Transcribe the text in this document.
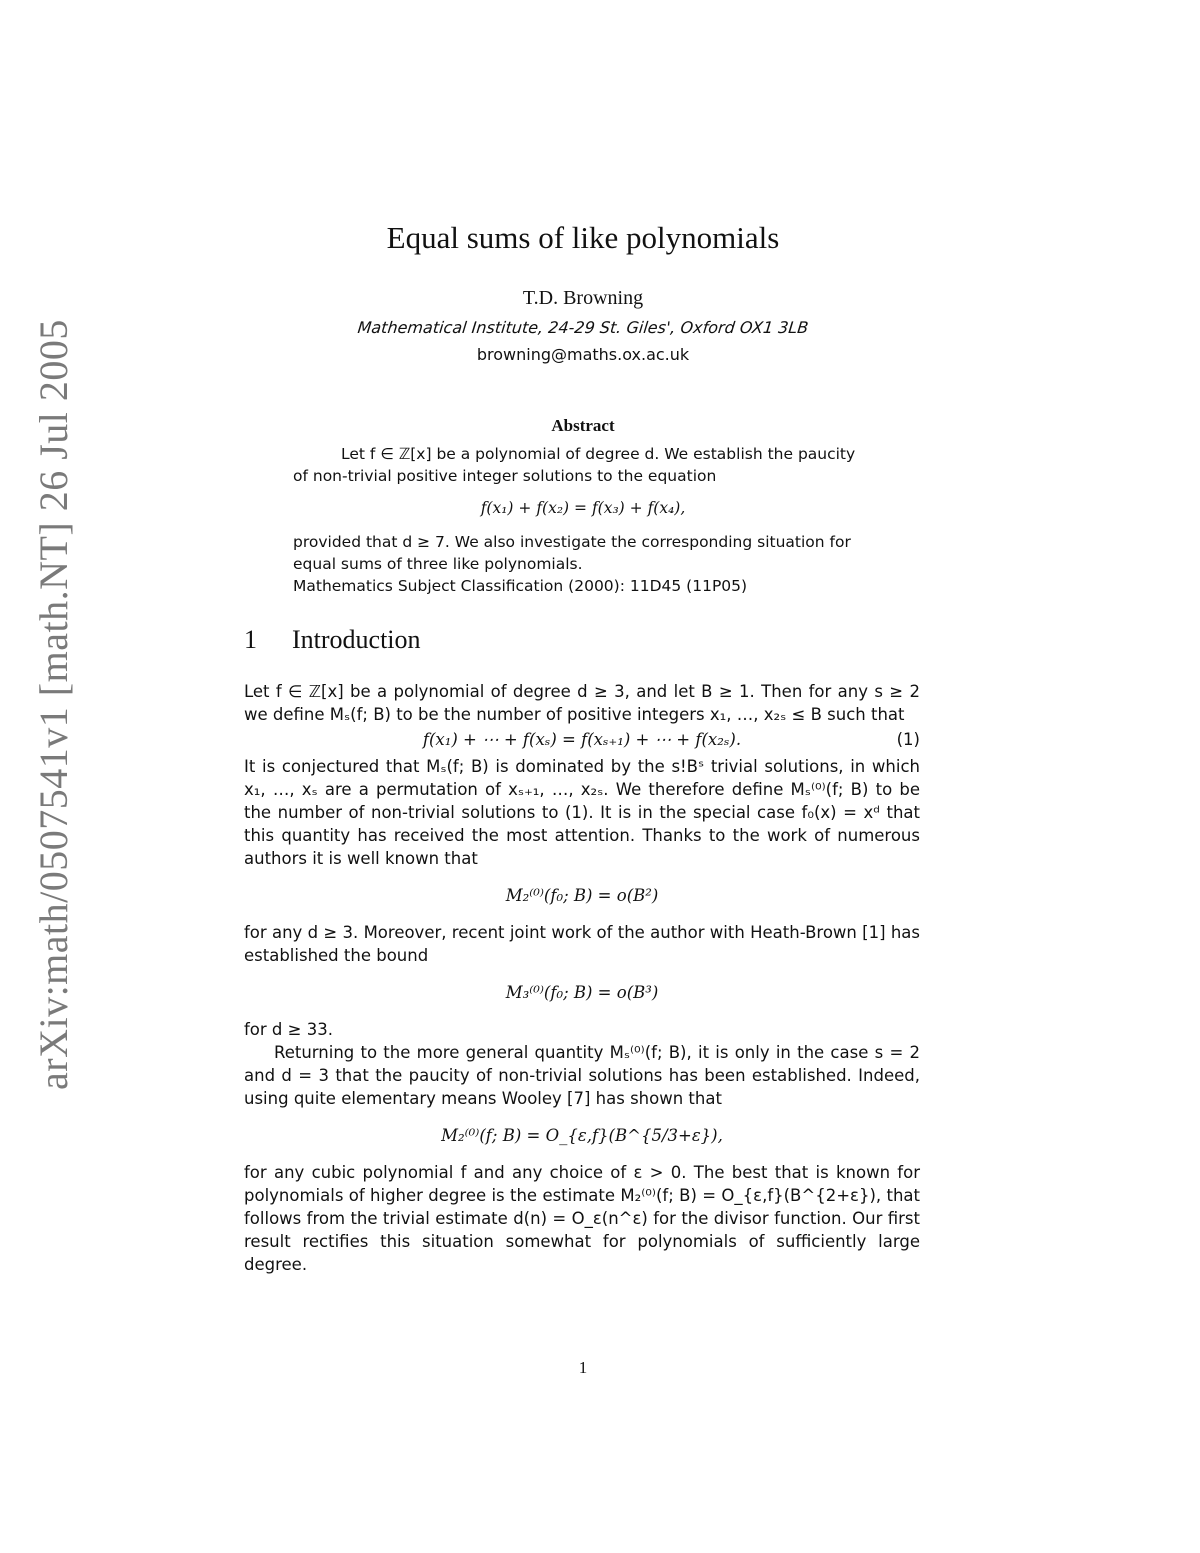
arXiv:math/0507541v1 [math.NT] 26 Jul 2005
Equal sums of like polynomials
T.D. Browning
Mathematical Institute, 24-29 St. Giles', Oxford OX1 3LB
browning@maths.ox.ac.uk
Abstract

Let f ∈ ℤ[x] be a polynomial of degree d. We establish the paucity of non-trivial positive integer solutions to the equation

f(x₁) + f(x₂) = f(x₃) + f(x₄),

provided that d ≥ 7. We also investigate the corresponding situation for equal sums of three like polynomials.

Mathematics Subject Classification (2000): 11D45 (11P05)

1 Introduction

Let f ∈ ℤ[x] be a polynomial of degree d ≥ 3, and let B ≥ 1. Then for any s ≥ 2 we define Mₛ(f; B) to be the number of positive integers x₁, …, x₂ₛ ≤ B such that

f(x₁) + ⋯ + f(xₛ) = f(xₛ₊₁) + ⋯ + f(x₂ₛ).	(1)

It is conjectured that Mₛ(f; B) is dominated by the s!Bˢ trivial solutions, in which x₁, …, xₛ are a permutation of xₛ₊₁, …, x₂ₛ. We therefore define Mₛ⁽⁰⁾(f; B) to be the number of non-trivial solutions to (1). It is in the special case f₀(x) = xᵈ that this quantity has received the most attention. Thanks to the work of numerous authors it is well known that

M₂⁽⁰⁾(f₀; B) = o(B²)

for any d ≥ 3. Moreover, recent joint work of the author with Heath-Brown [1] has established the bound

M₃⁽⁰⁾(f₀; B) = o(B³)

for d ≥ 33.

Returning to the more general quantity Mₛ⁽⁰⁾(f; B), it is only in the case s = 2 and d = 3 that the paucity of non-trivial solutions has been established. Indeed, using quite elementary means Wooley [7] has shown that

M₂⁽⁰⁾(f; B) = O_{ε,f}(B^{5/3+ε}),

for any cubic polynomial f and any choice of ε > 0. The best that is known for polynomials of higher degree is the estimate M₂⁽⁰⁾(f; B) = O_{ε,f}(B^{2+ε}), that follows from the trivial estimate d(n) = O_ε(n^ε) for the divisor function. Our first result rectifies this situation somewhat for polynomials of sufficiently large degree.

1
